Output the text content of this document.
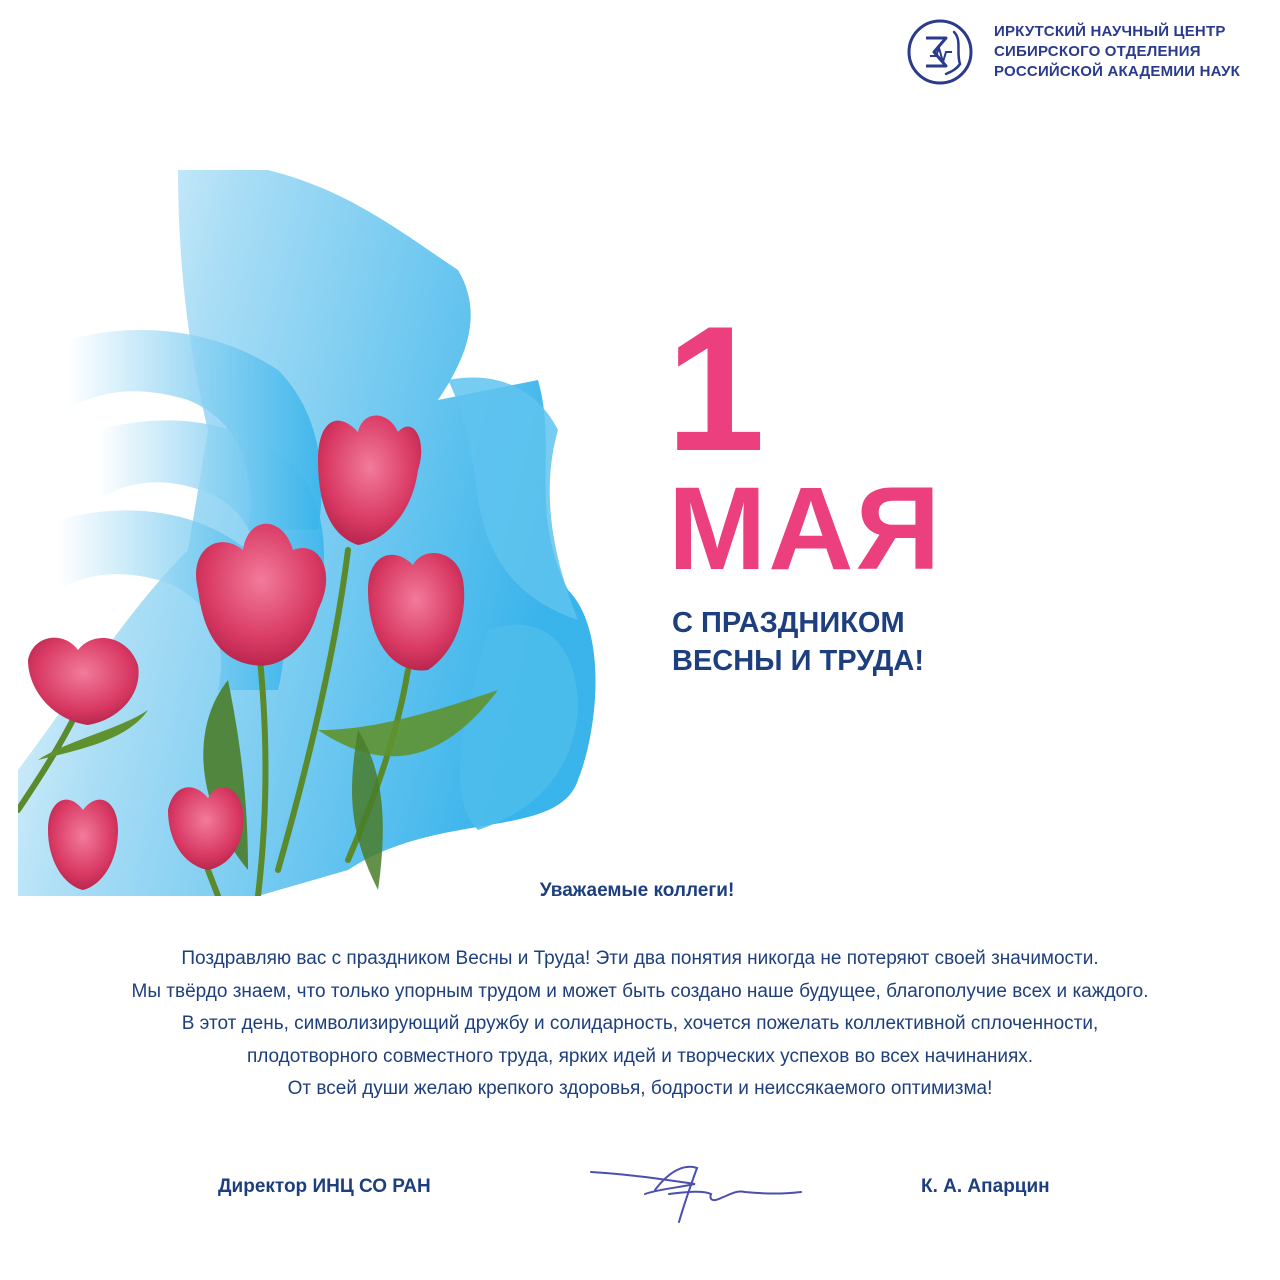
ИРКУТСКИЙ НАУЧНЫЙ ЦЕНТР
СИБИРСКОГО ОТДЕЛЕНИЯ
РОССИЙСКОЙ АКАДЕМИИ НАУК
1
МАЯ
С ПРАЗДНИКОМ
ВЕСНЫ И ТРУДА!
Уважаемые коллеги!
Поздравляю вас с праздником Весны и Труда! Эти два понятия никогда не потеряют своей значимости.
Мы твёрдо знаем, что только упорным трудом и может быть создано наше будущее, благополучие всех и каждого.
В этот день, символизирующий дружбу и солидарность, хочется пожелать коллективной сплоченности,
плодотворного совместного труда, ярких идей и творческих успехов во всех начинаниях.
От всей души желаю крепкого здоровья, бодрости и неиссякаемого оптимизма!
Директор ИНЦ СО РАН	К. А. Апарцин
